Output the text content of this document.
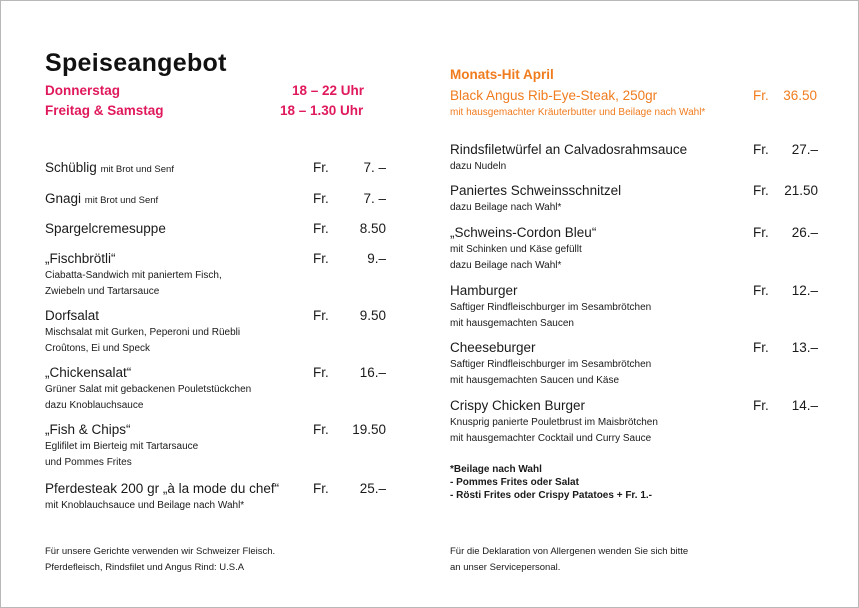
Speiseangebot
Donnerstag	18 – 22 Uhr
Freitag & Samstag	18 – 1.30 Uhr
Monats-Hit April
Black Angus Rib-Eye-Steak, 250gr	Fr.	36.50
mit hausgemachter Kräuterbutter und Beilage nach Wahl*
*Beilage nach Wahl
- Pommes Frites oder Salat
- Rösti Frites oder Crispy Patatoes + Fr. 1.-
Für unsere Gerichte verwenden wir Schweizer Fleisch.
Pferdefleisch, Rindsfilet und Angus Rind: U.S.A
Für die Deklaration von Allergenen wenden Sie sich bitte
an unser Servicepersonal.
Schüblig mit Brot und Senf	Fr.	7. –
Gnagi mit Brot und Senf	Fr.	7. –
Spargelcremesuppe	Fr.	8.50
„Fischbrötli“	Fr.	9.–
Ciabatta-Sandwich mit paniertem Fisch,
Zwiebeln und Tartarsauce
Dorfsalat	Fr.	9.50
Mischsalat mit Gurken, Peperoni und Rüebli
Croûtons, Ei und Speck
„Chickensalat“	Fr.	16.–
Grüner Salat mit gebackenen Pouletstückchen
dazu Knoblauchsauce
„Fish & Chips“	Fr.	19.50
Eglifilet im Bierteig mit Tartarsauce
und Pommes Frites
Pferdesteak 200 gr „à la mode du chef“	Fr.	25.–
mit Knoblauchsauce und Beilage nach Wahl*
Rindsfiletwürfel an Calvadosrahmsauce	Fr.	27.–
dazu Nudeln
Paniertes Schweinsschnitzel	Fr.	21.50
dazu Beilage nach Wahl*
„Schweins-Cordon Bleu“	Fr.	26.–
mit Schinken und Käse gefüllt
dazu Beilage nach Wahl*
Hamburger	Fr.	12.–
Saftiger Rindfleischburger im Sesambrötchen
mit hausgemachten Saucen
Cheeseburger	Fr.	13.–
Saftiger Rindfleischburger im Sesambrötchen
mit hausgemachten Saucen und Käse
Crispy Chicken Burger	Fr.	14.–
Knusprig panierte Pouletbrust im Maisbrötchen
mit hausgemachter Cocktail und Curry Sauce
